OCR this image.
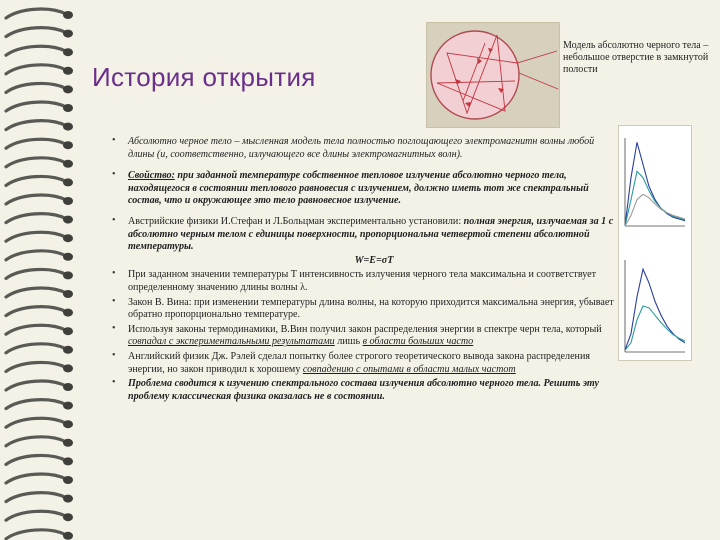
История открытия
Модель абсолютно черного тела – небольшое отверстие в замкнутой полости
• Абсолютно черное тело – мысленная модель тела полностью поглощающего электромагнитн волны любой длины (и, соответственно, излучающего все длины электромагнитных волн).
• Свойство: при заданной температуре собственное тепловое излучение абсолютно черного тела, находящегося в состоянии теплового равновесия с излучением, должно иметь тот же спектральный состав, что и окружающее это тело равновесное излучение.
• Австрийские физики И.Стефан и Л.Больцман экспериментально установили: полная энергия, излучаемая за 1 с абсолютно черным телом с единицы поверхности, пропорциональна четвертой степени абсолютной температуры.
W=E=σT
• При заданном значении температуры T интенсивность излучения черного тела максимальна и соответствует определенному значению длины волны λ.
• Закон В. Вина: при изменении температуры длина волны, на которую приходится максимальна энергия, убывает обратно пропорционально температуре.
• Используя законы термодинамики, В.Вин получил закон распределения энергии в спектре черн тела, который совпадал с экспериментальными результатами лишь в области больших часто
• Английский физик Дж. Рэлей сделал попытку более строгого теоретического вывода закона распределения энергии, но закон приводил к хорошему совпадению с опытами в области малых частот
• Проблема сводится к изучению спектрального состава излучения абсолютно черного тела. Решить эту проблему классическая физика оказалась не в состоянии.
